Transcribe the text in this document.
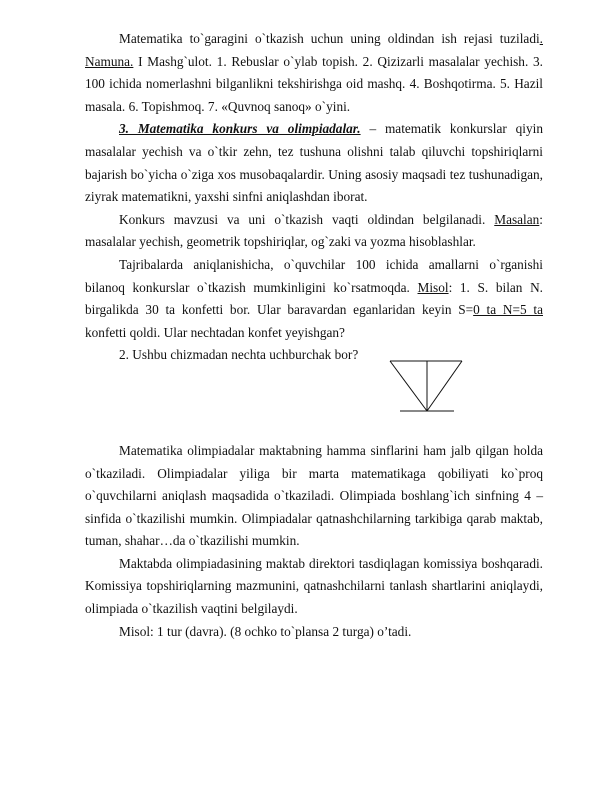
Matematika to`garagini o`tkazish uchun uning oldindan ish rejasi tuziladi. Namuna. I Mashg`ulot. 1. Rebuslar o`ylab topish. 2. Qizizarli masalalar yechish. 3. 100 ichida nomerlashni bilganlikni tekshirishga oid mashq. 4. Boshqotirma. 5. Hazil masala. 6. Topishmoq. 7. «Quvnoq sanoq» o`yini.

3. Matematika konkurs va olimpiadalar. – matematik konkurslar qiyin masalalar yechish va o`tkir zehn, tez tushuna olishni talab qiluvchi topshiriqlarni bajarish bo`yicha o`ziga xos musobaqalardir. Uning asosiy maqsadi tez tushunadigan, ziyrak matematikni, yaxshi sinfni aniqlashdan iborat.

Konkurs mavzusi va uni o`tkazish vaqti oldindan belgilanadi. Masalan: masalalar yechish, geometrik topshiriqlar, og`zaki va yozma hisoblashlar.

Tajribalarda aniqlanishicha, o`quvchilar 100 ichida amallarni o`rganishi bilanoq konkurslar o`tkazish mumkinligini ko`rsatmoqda. Misol: 1. S. bilan N. birgalikda 30 ta konfetti bor. Ular baravardan eganlaridan keyin S=0 ta N=5 ta konfetti qoldi. Ular nechtadan konfet yeyishgan?

2. Ushbu chizmadan nechta uchburchak bor?

Matematika olimpiadalar maktabning hamma sinflarini ham jalb qilgan holda o`tkaziladi. Olimpiadalar yiliga bir marta matematikaga qobiliyati ko`proq o`quvchilarni aniqlash maqsadida o`tkaziladi. Olimpiada boshlang`ich sinfning 4 – sinfida o`tkazilishi mumkin. Olimpiadalar qatnashchilarning tarkibiga qarab maktab, tuman, shahar…da o`tkazilishi mumkin.

Maktabda olimpiadasining maktab direktori tasdiqlagan komissiya boshqaradi. Komissiya topshiriqlarning mazmunini, qatnashchilarni tanlash shartlarini aniqlaydi, olimpiada o`tkazilish vaqtini belgilaydi.

Misol: 1 tur (davra). (8 ochko to`plansa 2 turga) o’tadi.
